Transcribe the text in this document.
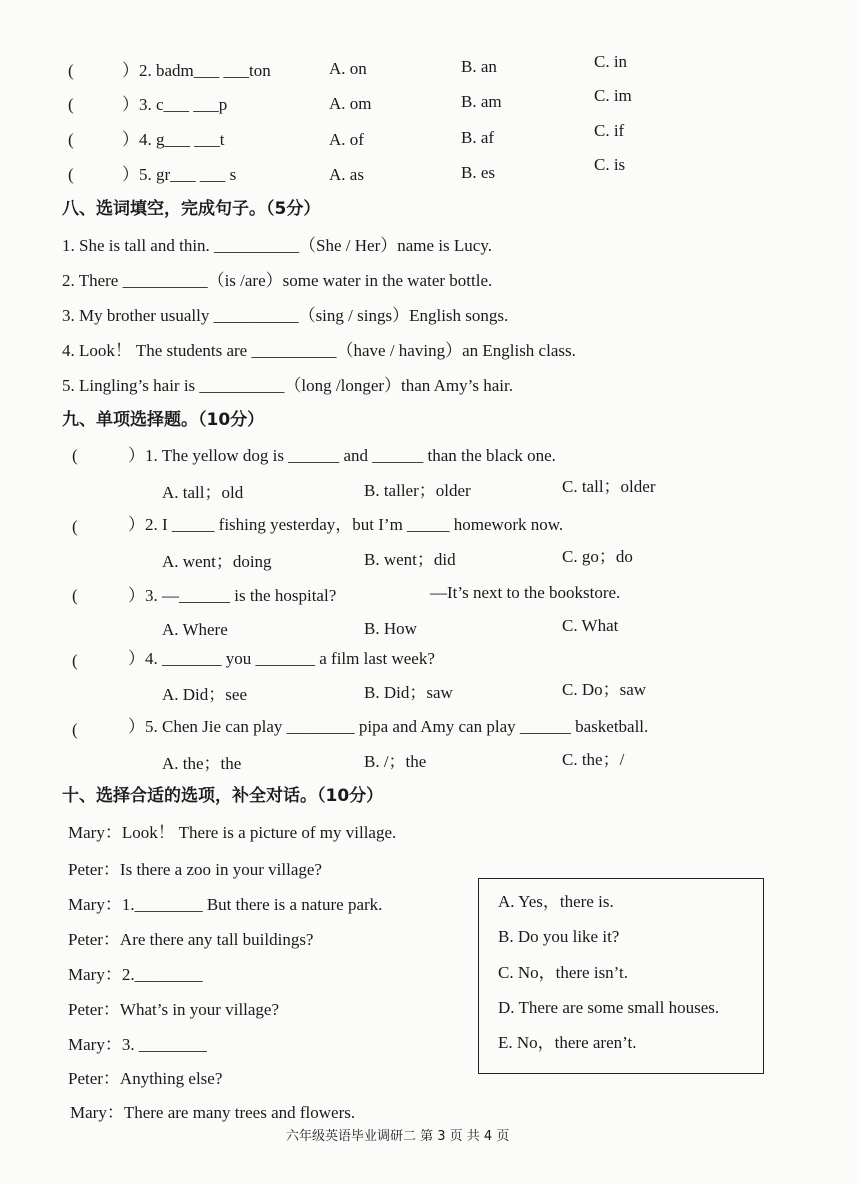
(	）2. badm___ ___ton	A. on	B. an	C. in
(	）3. c___ ___p	A. om	B. am	C. im
(	）4. g___ ___t	A. of	B. af	C. if
(	）5. gr___ ___ s	A. as	B. es	C. is
八、选词填空，完成句子。（5分）
1. She is tall and thin. __________（She / Her）name is Lucy.
2. There __________（is /are）some water in the water bottle.
3. My brother usually __________（sing / sings）English songs.
4. Look！ The students are __________（have / having）an English class.
5. Lingling’s hair is __________（long /longer）than Amy’s hair.
九、单项选择题。（10分）
(	）1. The yellow dog is ______ and ______ than the black one.
A. tall；old	B. taller；older	C. tall；older
(	）2. I _____ fishing yesterday，but I’m _____ homework now.
A. went；doing	B. went；did	C. go；do
(	）3. —______ is the hospital?	—It’s next to the bookstore.
A. Where	B. How	C. What
(	）4. _______ you _______ a film last week?
A. Did；see	B. Did；saw	C. Do；saw
(	）5. Chen Jie can play ________ pipa and Amy can play ______ basketball.
A. the；the	B. /；the	C. the；/
十、选择合适的选项，补全对话。（10分）
Mary：Look！ There is a picture of my village.
Peter：Is there a zoo in your village?
Mary：1.________ But there is a nature park.
Peter：Are there any tall buildings?
Mary：2.________
Peter：What’s in your village?
Mary：3. ________
Peter：Anything else?
Mary：There are many trees and flowers.
A. Yes，there is.
B. Do you like it?
C. No，there isn’t.
D. There are some small houses.
E. No，there aren’t.
六年级英语毕业调研二 第 3 页 共 4 页
